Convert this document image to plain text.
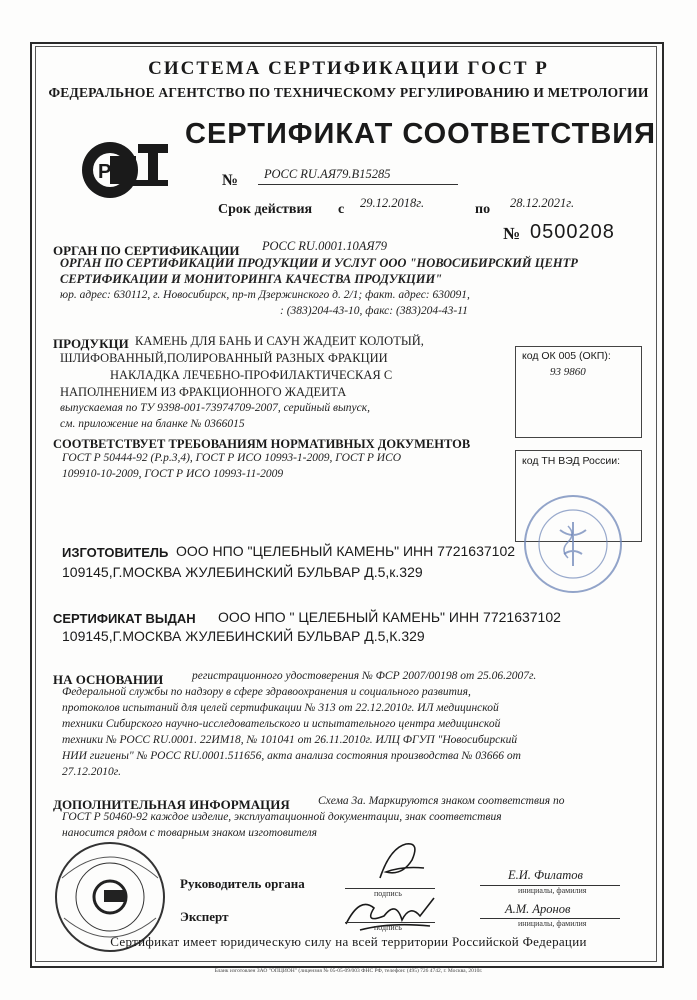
СИСТЕМА СЕРТИФИКАЦИИ ГОСТ Р
ФЕДЕРАЛЬНОЕ АГЕНТСТВО ПО ТЕХНИЧЕСКОМУ РЕГУЛИРОВАНИЮ И МЕТРОЛОГИИ
СЕРТИФИКАТ СООТВЕТСТВИЯ
Р	№ РОСС RU.АЯ79.В15285
Срок действия с 29.12.2018г.	по 28.12.2021г.
№ 0500208
ОРГАН ПО СЕРТИФИКАЦИИ РОСС RU.0001.10АЯ79
ОРГАН ПО СЕРТИФИКАЦИИ ПРОДУКЦИИ И УСЛУГ ООО "НОВОСИБИРСКИЙ ЦЕНТР
СЕРТИФИКАЦИИ И МОНИТОРИНГА КАЧЕСТВА ПРОДУКЦИИ"
юр. адрес: 630112, г. Новосибирск, пр-т Дзержинского д. 2/1; факт. адрес: 630091,
: (383)204-43-10, факс: (383)204-43-11
ПРОДУКЦИ КАМЕНЬ ДЛЯ БАНЬ И САУН ЖАДЕИТ КОЛОТЫЙ,
ШЛИФОВАННЫЙ,ПОЛИРОВАННЫЙ РАЗНЫХ ФРАКЦИИ
НАКЛАДКА ЛЕЧЕБНО-ПРОФИЛАКТИЧЕСКАЯ С
НАПОЛНЕНИЕМ ИЗ ФРАКЦИОННОГО ЖАДЕИТА
выпускаемая по ТУ 9398-001-73974709-2007, серийный выпуск,
см. приложение на бланке № 0366015
код ОК 005 (ОКП):
93 9860
СООТВЕТСТВУЕТ ТРЕБОВАНИЯМ НОРМАТИВНЫХ ДОКУМЕНТОВ
ГОСТ Р 50444-92 (Р.р.3,4), ГОСТ Р ИСО 10993-1-2009, ГОСТ Р ИСО
109910-10-2009, ГОСТ Р ИСО 10993-11-2009
код ТН ВЭД России:
ИЗГОТОВИТЕЛЬ ООО НПО "ЦЕЛЕБНЫЙ КАМЕНЬ" ИНН 7721637102
109145,Г.МОСКВА ЖУЛЕБИНСКИЙ БУЛЬВАР Д.5,к.329
СЕРТИФИКАТ ВЫДАН ООО НПО " ЦЕЛЕБНЫЙ КАМЕНЬ" ИНН 7721637102
109145,Г.МОСКВА ЖУЛЕБИНСКИЙ БУЛЬВАР Д.5,К.329
НА ОСНОВАНИИ	регистрационного удостоверения № ФСР 2007/00198 от 25.06.2007г.
Федеральной службы по надзору в сфере здравоохранения и социального развития,
протоколов испытаний для целей сертификации № 313 от 22.12.2010г. ИЛ медицинской
техники Сибирского научно-исследовательского и испытательного центра медицинской
техники № РОСС RU.0001. 22ИМ18, № 101041 от 26.11.2010г. ИЛЦ ФГУП "Новосибирский
НИИ гигиены" № РОСС RU.0001.511656, акта анализа состояния производства № 03666 от
27.12.2010г.
ДОПОЛНИТЕЛЬНАЯ ИНФОРМАЦИЯ Схема 3а. Маркируются знаком соответствия по
ГОСТ Р 50460-92 каждое изделие, эксплуатационной документации, знак соответствия
наносится рядом с товарным знаком изготовителя
Руководитель органа
подпись
Е.И. Филатов
инициалы, фамилия
Эксперт
подпись
А.М. Аронов
инициалы, фамилия
Сертификат имеет юридическую силу на всей территории Российской Федерации
Бланк изготовлен ЗАО "ОПЦИОН" (лицензия № 05-05-09/003 ФНС РФ, телефон: (495) 726 4742, г. Москва, 2010г.
